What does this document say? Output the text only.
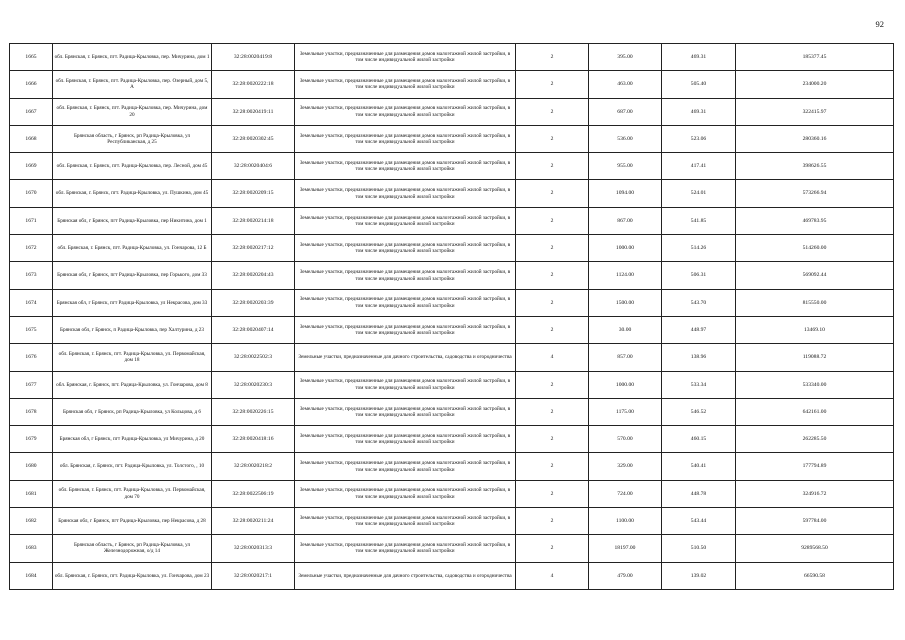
92
1665	обл. Брянская, г. Брянск, пгт. Радица-Крыловка, пер. Мичурина, дом 1	32:28:0020419:8	Земельные участки, предназначенные для размещения домов малоэтажной жилой застройки, в том числе индивидуальной жилой застройки	2	395.00	469.31	185377.45
1666	обл. Брянская, г. Брянск, пгт. Радица-Крыловка, пер. Озерный, дом 5, А	32:28:0020222:18	Земельные участки, предназначенные для размещения домов малоэтажной жилой застройки, в том числе индивидуальной жилой застройки	2	463.00	505.40	234000.20
1667	обл. Брянская, г. Брянск, пгт. Радица-Крыловка, пер. Мичурина, дом 20	32:28:0020419:11	Земельные участки, предназначенные для размещения домов малоэтажной жилой застройки, в том числе индивидуальной жилой застройки	2	687.00	469.31	322415.97
1668	Брянская область, г Брянск, рп Радица-Крыловка, ул Республиканская, д 25	32:28:0020302:45	Земельные участки, предназначенные для размещения домов малоэтажной жилой застройки, в том числе индивидуальной жилой застройки	2	536.00	523.06	280360.16
1669	обл. Брянская, г. Брянск, пгт. Радица-Крыловка, пер. Лесной, дом 45	32:28:0020404:6	Земельные участки, предназначенные для размещения домов малоэтажной жилой застройки, в том числе индивидуальной жилой застройки	2	955.00	417.41	398626.55
1670	обл. Брянская, г. Брянск, пгт. Радица-Крыловка, ул. Пушкина, дом 45	32:28:0020209:15	Земельные участки, предназначенные для размещения домов малоэтажной жилой застройки, в том числе индивидуальной жилой застройки	2	1094.00	524.01	573266.94
1671	Брянская обл, г Брянск, пгт Радица-Крыловка, пер Никитина, дом 1	32:28:0020214:18	Земельные участки, предназначенные для размещения домов малоэтажной жилой застройки, в том числе индивидуальной жилой застройки	2	867.00	541.85	469783.95
1672	обл. Брянская, г. Брянск, пгт. Радица-Крыловка, ул. Гончарова, 12 Б	32:28:0020217:12	Земельные участки, предназначенные для размещения домов малоэтажной жилой застройки, в том числе индивидуальной жилой застройки	2	1000.00	514.26	514260.00
1673	Брянская обл, г Брянск, пгт Радица-Крыловка, пер Горького, дом 33	32:28:0020204:43	Земельные участки, предназначенные для размещения домов малоэтажной жилой застройки, в том числе индивидуальной жилой застройки	2	1124.00	506.31	569092.44
1674	Брянская обл, г Брянск, пгт Радица-Крыловка, ул Некрасова, дом 33	32:28:0020203:39	Земельные участки, предназначенные для размещения домов малоэтажной жилой застройки, в том числе индивидуальной жилой застройки	2	1500.00	543.70	815550.00
1675	Брянская обл, г Брянск, п Радица-Крыловка, пер Халтурина, д 23	32:28:0020407:14	Земельные участки, предназначенные для размещения домов малоэтажной жилой застройки, в том числе индивидуальной жилой застройки	2	30.00	448.97	13469.10
1676	обл. Брянская, г. Брянск, пгт. Радица-Крыловка, ул. Первомайская, дом 18	32:28:0022502:3	Земельные участки, предназначенные для дачного строительства, садоводства и огородничества	4	857.00	138.96	119088.72
1677	обл. Брянская, г. Брянск, пгт. Радица-Крыловка, ул. Гончарова, дом 8	32:28:0020230:3	Земельные участки, предназначенные для размещения домов малоэтажной жилой застройки, в том числе индивидуальной жилой застройки	2	1000.00	533.34	533340.00
1678	Брянская обл, г Брянск, рп Радица-Крыловка, ул Кольцова, д 6	32:28:0020226:15	Земельные участки, предназначенные для размещения домов малоэтажной жилой застройки, в том числе индивидуальной жилой застройки	2	1175.00	546.52	642161.00
1679	Брянская обл, г Брянск, пгт Радица-Крыловка, ул Мичурина, д 20	32:28:0020418:16	Земельные участки, предназначенные для размещения домов малоэтажной жилой застройки, в том числе индивидуальной жилой застройки	2	570.00	460.15	262285.50
1680	обл. Брянская, г. Брянск, пгт. Радица-Крыловка, ул. Толстого, , 10	32:28:0020218:2	Земельные участки, предназначенные для размещения домов малоэтажной жилой застройки, в том числе индивидуальной жилой застройки	2	329.00	540.41	177794.89
1681	обл. Брянская, г. Брянск, пгт. Радица-Крыловка, ул. Первомайская, дом 70	32:28:0022506:19	Земельные участки, предназначенные для размещения домов малоэтажной жилой застройки, в том числе индивидуальной жилой застройки	2	724.00	448.78	324916.72
1682	Брянская обл, г Брянск, пгт Радица-Крыловка, пер Некрасова, д 28	32:28:0020211:24	Земельные участки, предназначенные для размещения домов малоэтажной жилой застройки, в том числе индивидуальной жилой застройки	2	1100.00	543.44	597784.00
1683	Брянская область, г Брянск, рп Радица-Крыловка, ул Железнодорожная, о/д 14	32:28:0020313:3	Земельные участки, предназначенные для размещения домов малоэтажной жилой застройки, в том числе индивидуальной жилой застройки	2	18197.00	510.50	9289568.50
1684	обл. Брянская, г. Брянск, пгт. Радица-Крыловка, ул. Гончарова, дом 23	32:28:0020217:1	Земельные участки, предназначенные для дачного строительства, садоводства и огородничества	4	479.00	139.02	66590.58
